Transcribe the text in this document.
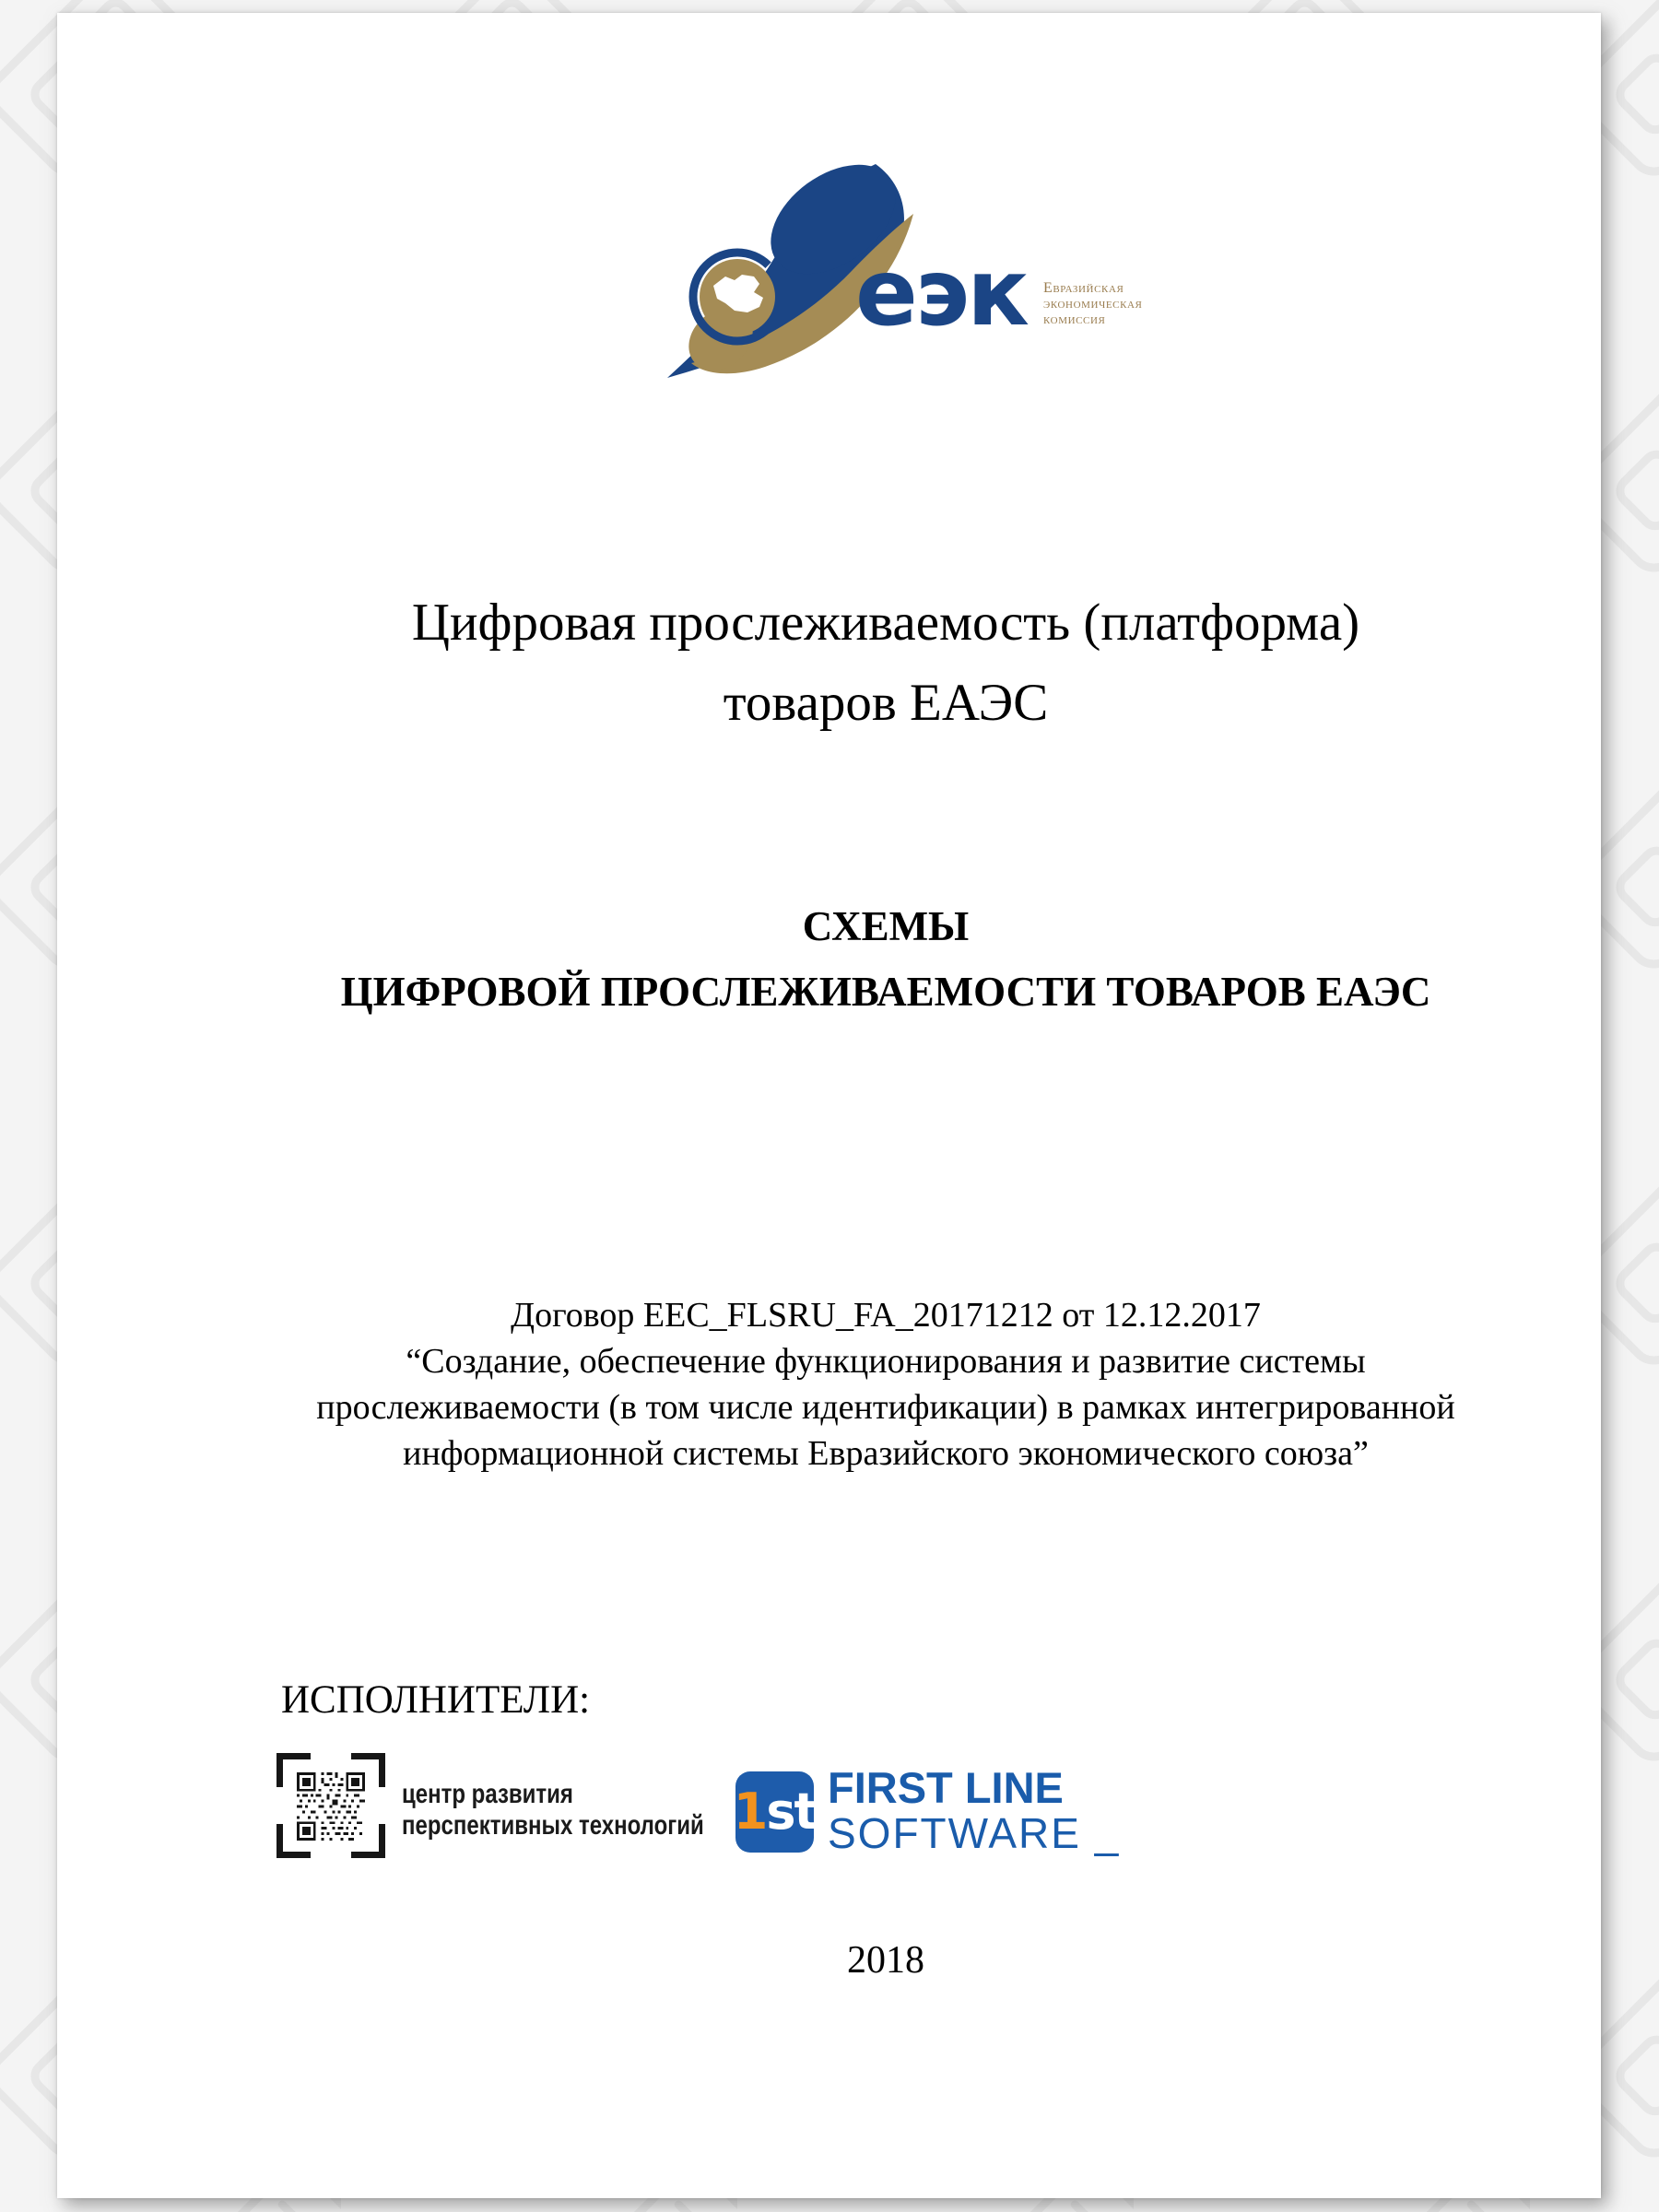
еэк Евразийская
экономическая
комиссия
Цифровая прослеживаемость (платформа)
товаров ЕАЭС
СХЕМЫ
ЦИФРОВОЙ ПРОСЛЕЖИВАЕМОСТИ ТОВАРОВ ЕАЭС
Договор EEC_FLSRU_FA_20171212 от 12.12.2017
“Создание, обеспечение функционирования и развитие системы
прослеживаемости (в том числе идентификации) в рамках интегрированной
информационной системы Евразийского экономического союза”
ИСПОЛНИТЕЛИ:
центр развития
перспективных технологий 1 st FIRST LINE
SOFTWARE _
2018
